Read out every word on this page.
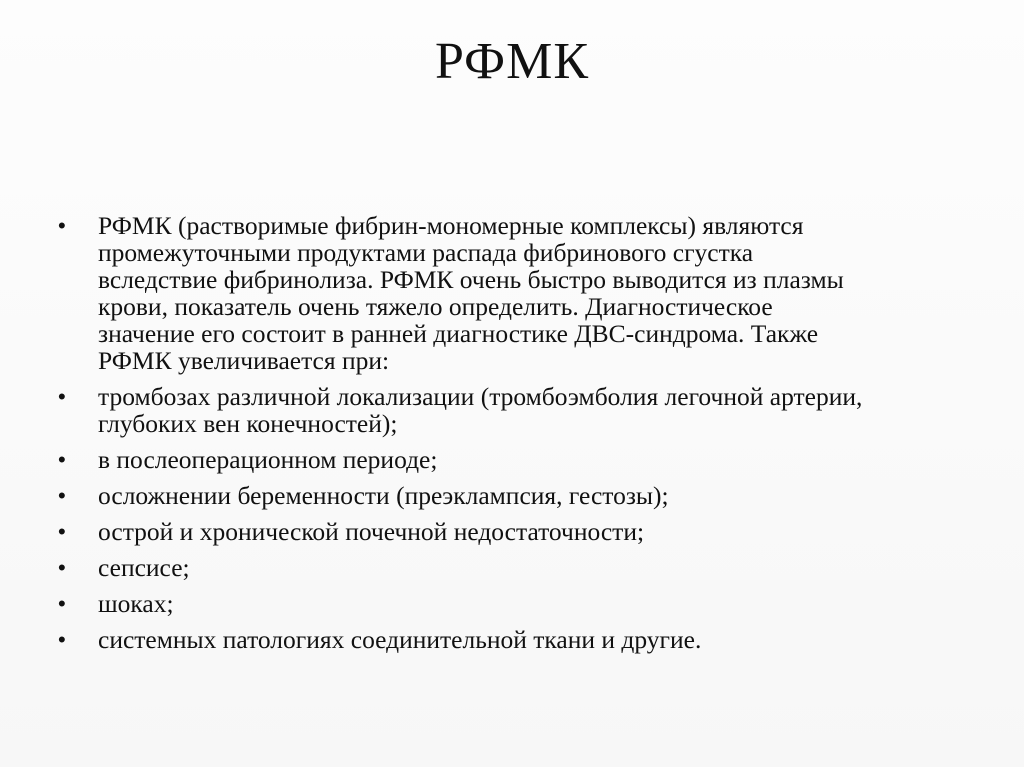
РФМК
• РФМК (растворимые фибрин-мономерные комплексы) являются
промежуточными продуктами распада фибринового сгустка
вследствие фибринолиза. РФМК очень быстро выводится из плазмы
крови, показатель очень тяжело определить. Диагностическое
значение его состоит в ранней диагностике ДВС-синдрома. Также
РФМК увеличивается при:
• тромбозах различной локализации (тромбоэмболия легочной артерии,
глубоких вен конечностей);
• в послеоперационном периоде;
• осложнении беременности (преэклампсия, гестозы);
• острой и хронической почечной недостаточности;
• сепсисе;
• шоках;
• системных патологиях соединительной ткани и другие.
